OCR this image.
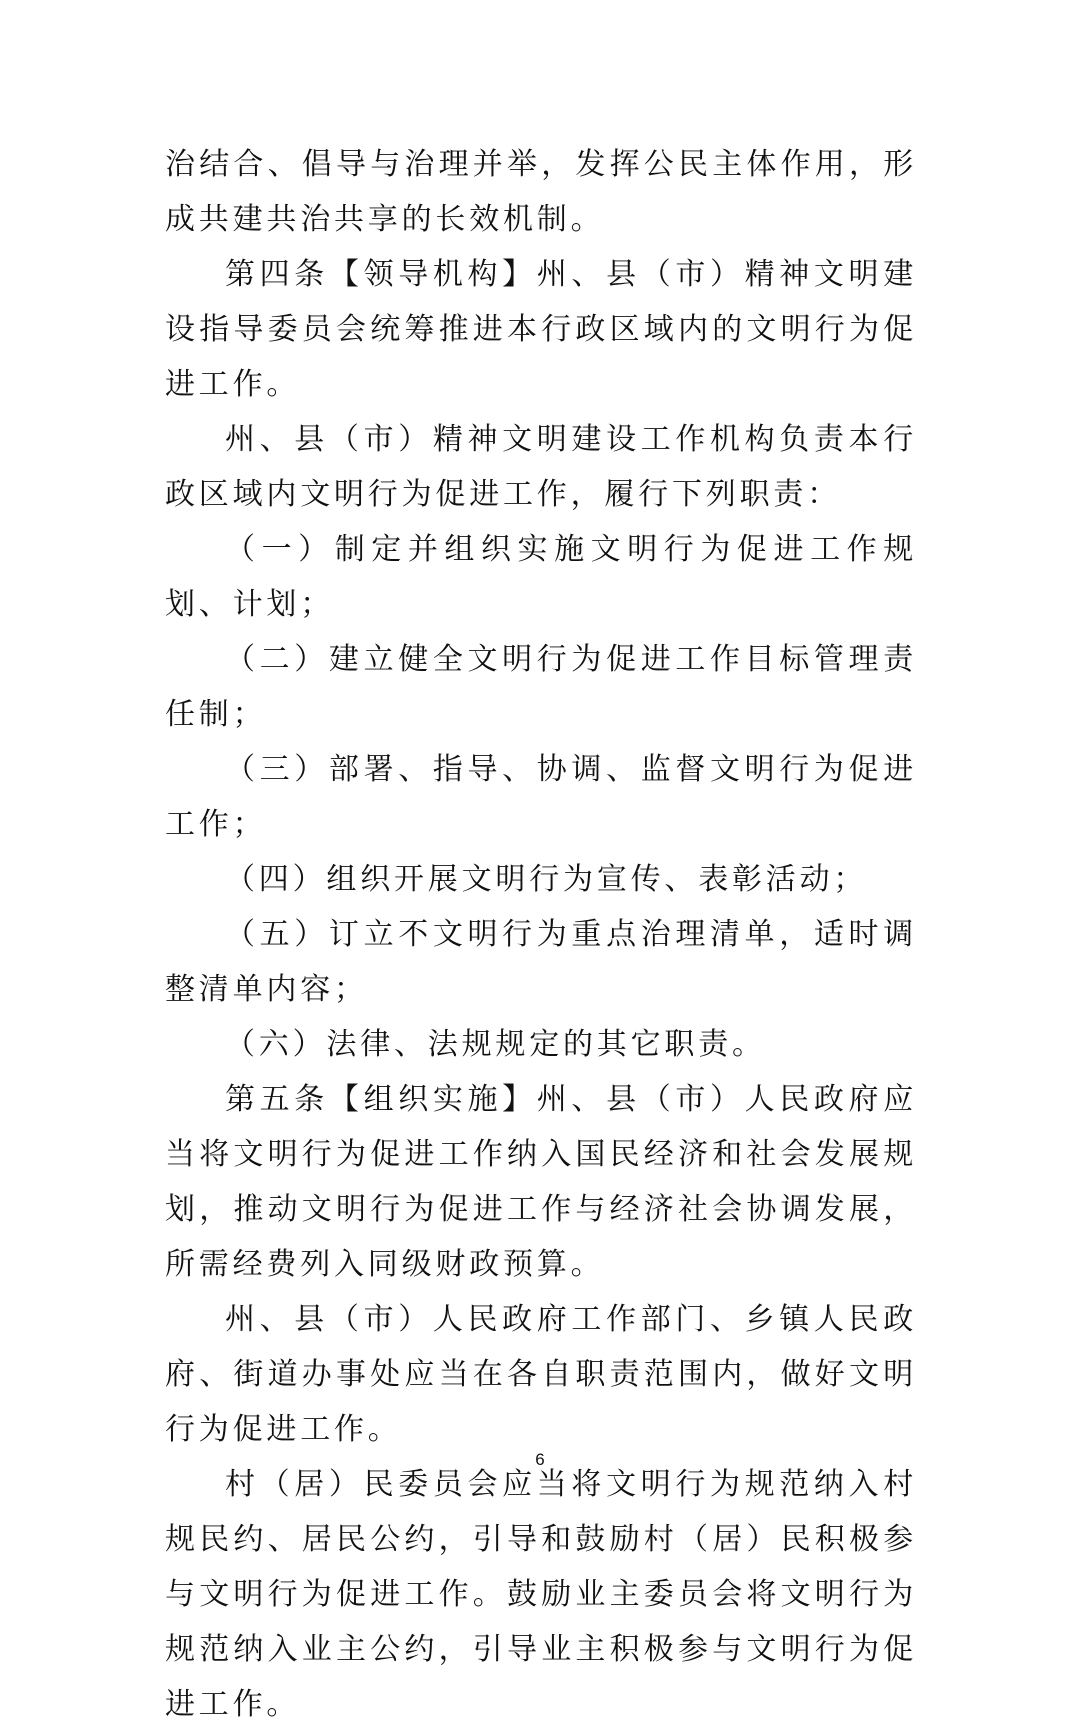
治结合、倡导与治理并举，发挥公民主体作用，形成共建共治共享的长效机制。

第四条【领导机构】州、县（市）精神文明建设指导委员会统筹推进本行政区域内的文明行为促进工作。

州、县（市）精神文明建设工作机构负责本行政区域内文明行为促进工作，履行下列职责：

（一）制定并组织实施文明行为促进工作规划、计划；

（二）建立健全文明行为促进工作目标管理责任制；

（三）部署、指导、协调、监督文明行为促进工作；

（四）组织开展文明行为宣传、表彰活动；

（五）订立不文明行为重点治理清单，适时调整清单内容；

（六）法律、法规规定的其它职责。

第五条【组织实施】州、县（市）人民政府应当将文明行为促进工作纳入国民经济和社会发展规划，推动文明行为促进工作与经济社会协调发展，所需经费列入同级财政预算。

州、县（市）人民政府工作部门、乡镇人民政府、街道办事处应当在各自职责范围内，做好文明行为促进工作。

村（居）民委员会应当将文明行为规范纳入村规民约、居民公约，引导和鼓励村（居）民积极参与文明行为促进工作。鼓励业主委员会将文明行为规范纳入业主公约，引导业主积极参与文明行为促进工作。

6
